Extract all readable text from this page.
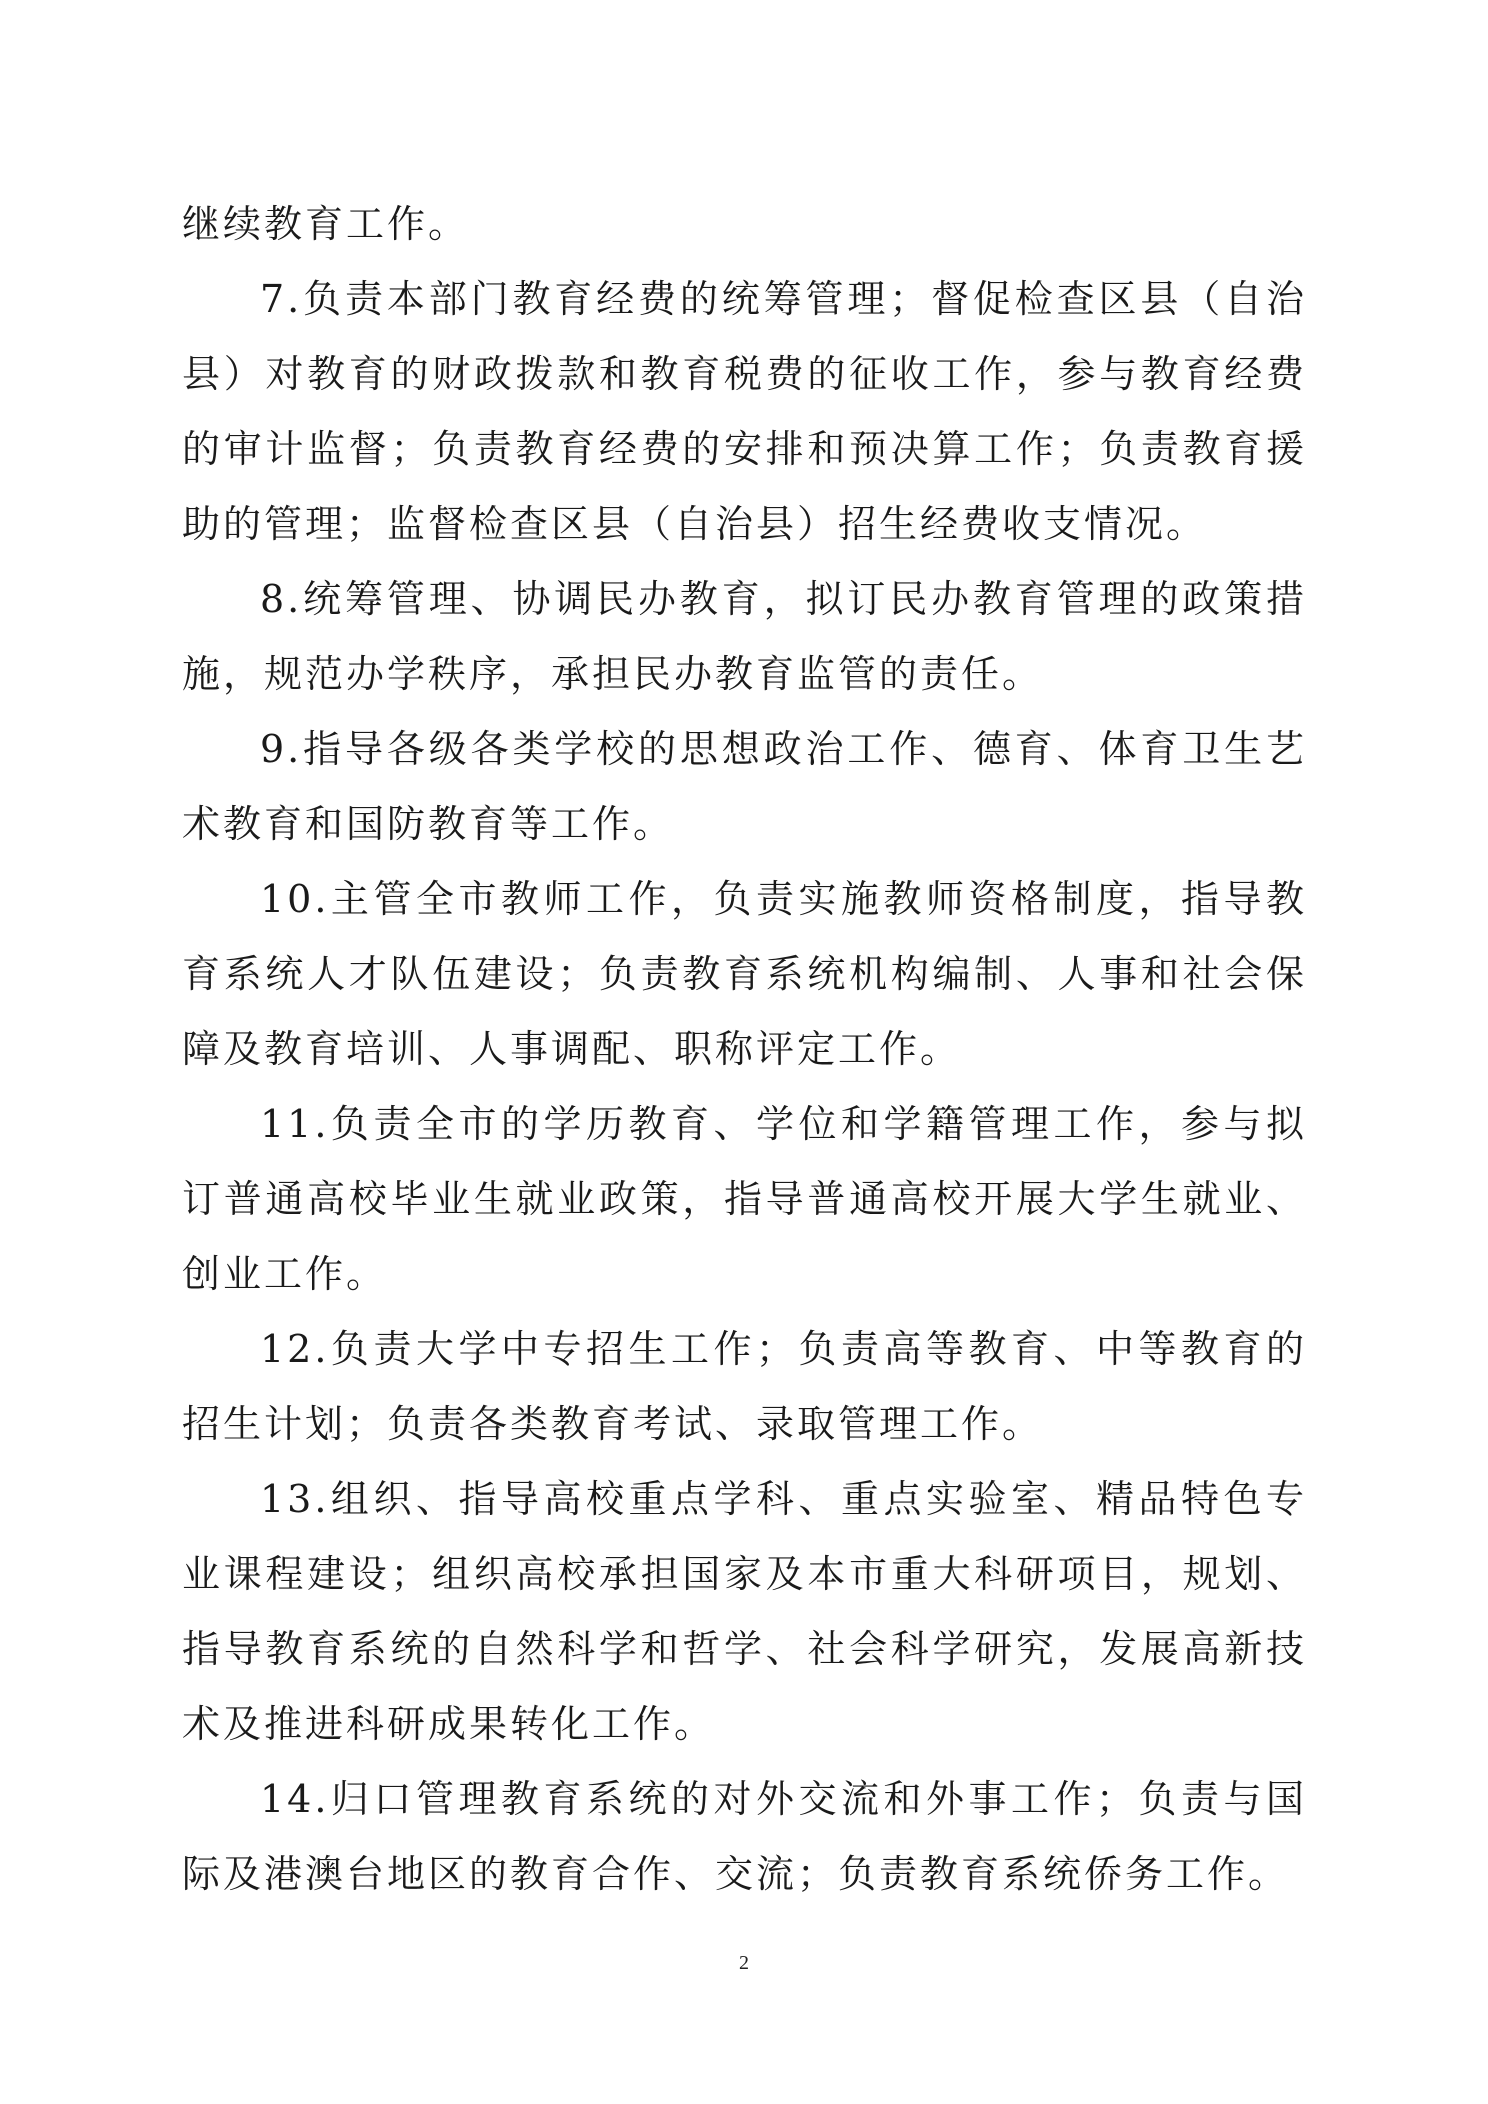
继续教育工作。

7.负责本部门教育经费的统筹管理；督促检查区县（自治县）对教育的财政拨款和教育税费的征收工作，参与教育经费的审计监督；负责教育经费的安排和预决算工作；负责教育援助的管理；监督检查区县（自治县）招生经费收支情况。

8.统筹管理、协调民办教育，拟订民办教育管理的政策措施，规范办学秩序，承担民办教育监管的责任。

9.指导各级各类学校的思想政治工作、德育、体育卫生艺术教育和国防教育等工作。

10.主管全市教师工作，负责实施教师资格制度，指导教育系统人才队伍建设；负责教育系统机构编制、人事和社会保障及教育培训、人事调配、职称评定工作。

11.负责全市的学历教育、学位和学籍管理工作，参与拟订普通高校毕业生就业政策，指导普通高校开展大学生就业、创业工作。

12.负责大学中专招生工作；负责高等教育、中等教育的招生计划；负责各类教育考试、录取管理工作。

13.组织、指导高校重点学科、重点实验室、精品特色专业课程建设；组织高校承担国家及本市重大科研项目，规划、指导教育系统的自然科学和哲学、社会科学研究，发展高新技术及推进科研成果转化工作。

14.归口管理教育系统的对外交流和外事工作；负责与国际及港澳台地区的教育合作、交流；负责教育系统侨务工作。

2
